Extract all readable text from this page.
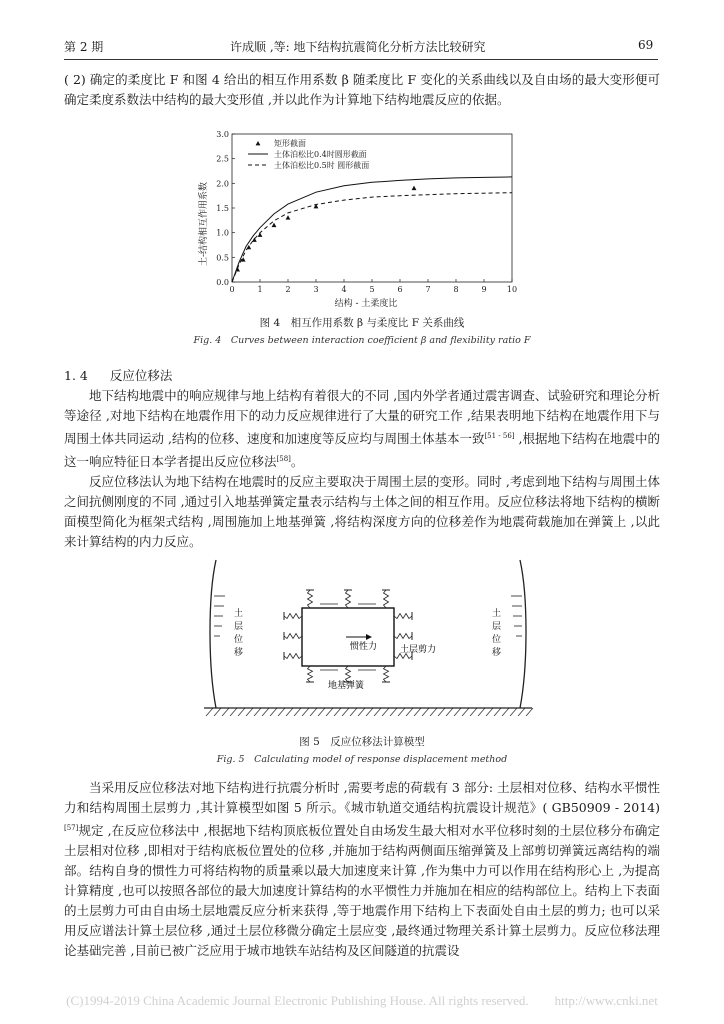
第 2 期	许成顺 ,等: 地下结构抗震简化分析方法比较研究	69

( 2) 确定的柔度比 F 和图 4 给出的相互作用系数 β 随柔度比 F 变化的关系曲线以及自由场的最大变形便可确定柔度系数法中结构的最大变形值 ,并以此作为计算地下结构地震反应的依据。

0	1	2	3	4	5	6	7	8	9	10
0.0
0.5
1.0
1.5
2.0
2.5
3.0
矩形截面
土体泊松比0.4时圆形截面
土体泊松比0.5时 圆形截面
土-结构相互作用系数
结构 - 土柔度比
图 4　相互作用系数 β 与柔度比 F 关系曲线
Fig. 4　Curves between interaction coefficient β and flexibility ratio F
1. 4 反应位移法

地下结构地震中的响应规律与地上结构有着很大的不同 ,国内外学者通过震害调查、试验研究和理论分析等途径 ,对地下结构在地震作用下的动力反应规律进行了大量的研究工作 ,结果表明地下结构在地震作用下与周围土体共同运动 ,结构的位移、速度和加速度等反应均与周围土体基本一致[51 - 56] ,根据地下结构在地震中的这一响应特征日本学者提出反应位移法[58]。

反应位移法认为地下结构在地震时的反应主要取决于周围土层的变形。同时 ,考虑到地下结构与周围土体之间抗侧刚度的不同 ,通过引入地基弹簧定量表示结构与土体之间的相互作用。反应位移法将地下结构的横断面模型简化为框架式结构 ,周围施加上地基弹簧 ,将结构深度方向的位移差作为地震荷载施加在弹簧上 ,以此来计算结构的内力反应。

土
层
位
移
土
层
位
移
惯性力	土层剪力
地基弹簧
图 5　反应位移法计算模型
Fig. 5　Calculating model of response displacement method

当采用反应位移法对地下结构进行抗震分析时 ,需要考虑的荷载有 3 部分: 土层相对位移、结构水平惯性力和结构周围土层剪力 ,其计算模型如图 5 所示。《城市轨道交通结构抗震设计规范》( GB50909 - 2014)[57]规定 ,在反应位移法中 ,根据地下结构顶底板位置处自由场发生最大相对水平位移时刻的土层位移分布确定土层相对位移 ,即相对于结构底板位置处的位移 ,并施加于结构两侧面压缩弹簧及上部剪切弹簧远离结构的端部。结构自身的惯性力可将结构物的质量乘以最大加速度来计算 ,作为集中力可以作用在结构形心上 ,为提高计算精度 ,也可以按照各部位的最大加速度计算结构的水平惯性力并施加在相应的结构部位上。结构上下表面的土层剪力可由自由场土层地震反应分析来获得 ,等于地震作用下结构上下表面处自由土层的剪力; 也可以采用反应谱法计算土层位移 ,通过土层位移微分确定土层应变 ,最终通过物理关系计算土层剪力。反应位移法理论基础完善 ,目前已被广泛应用于城市地铁车站结构及区间隧道的抗震设

(C)1994-2019 China Academic Journal Electronic Publishing House. All rights reserved.　　http://www.cnki.net
